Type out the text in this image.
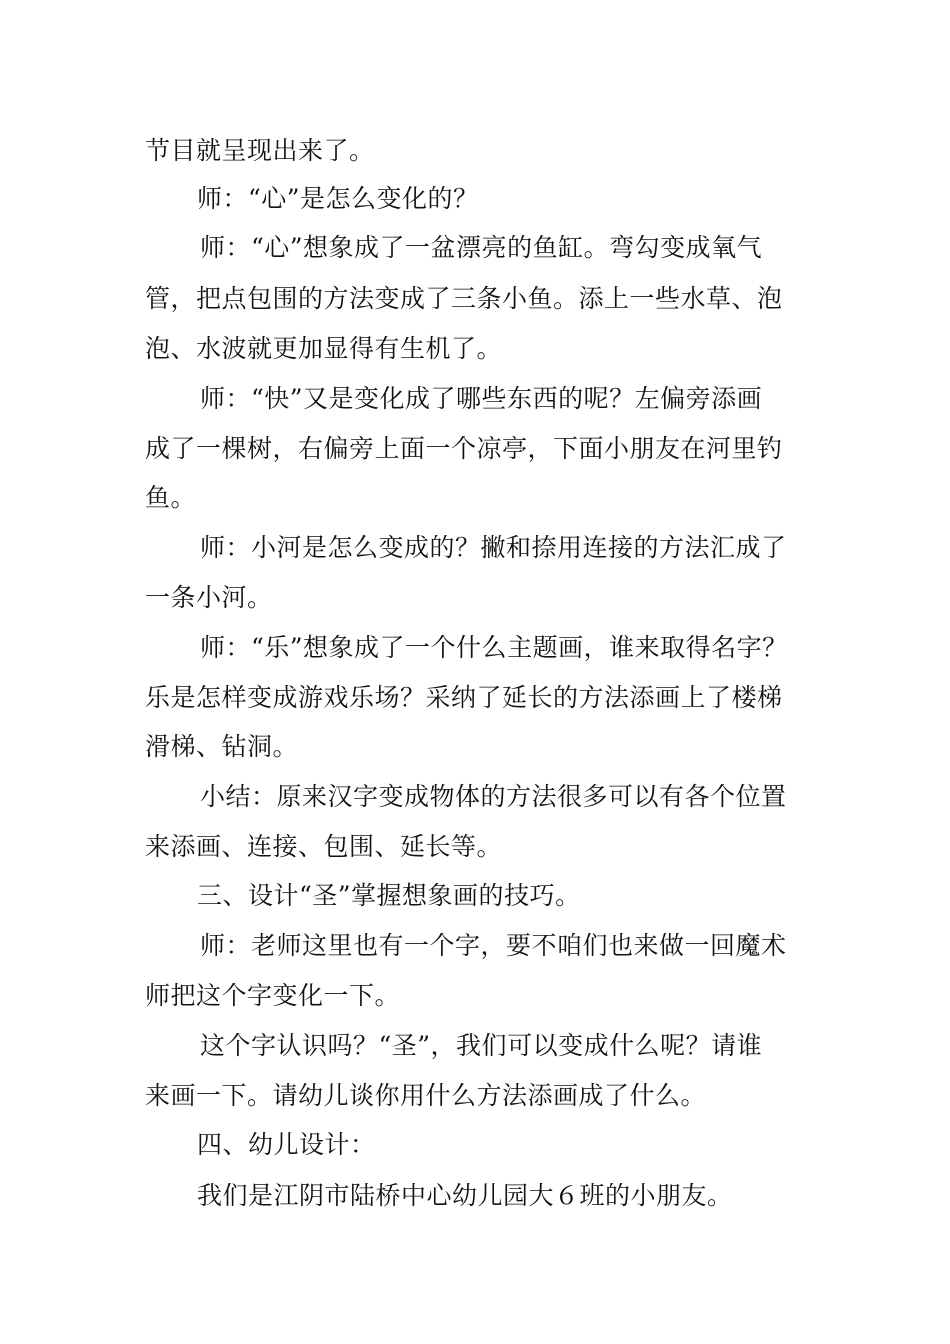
节目就呈现出来了。
师：“心”是怎么变化的？
师：“心”想象成了一盆漂亮的鱼缸。弯勾变成氧气
管，把点包围的方法变成了三条小鱼。添上一些水草、泡
泡、水波就更加显得有生机了。
师：“快”又是变化成了哪些东西的呢？左偏旁添画
成了一棵树，右偏旁上面一个凉亭，下面小朋友在河里钓
鱼。
师：小河是怎么变成的？撇和捺用连接的方法汇成了
一条小河。
师：“乐”想象成了一个什么主题画，谁来取得名字？
乐是怎样变成游戏乐场？采纳了延长的方法添画上了楼梯
滑梯、钻洞。
小结：原来汉字变成物体的方法很多可以有各个位置
来添画、连接、包围、延长等。
三、设计“圣”掌握想象画的技巧。
师：老师这里也有一个字，要不咱们也来做一回魔术
师把这个字变化一下。
这个字认识吗？“圣”，我们可以变成什么呢？请谁
来画一下。请幼儿谈你用什么方法添画成了什么。
四、幼儿设计：
我们是江阴市陆桥中心幼儿园大６班的小朋友。
